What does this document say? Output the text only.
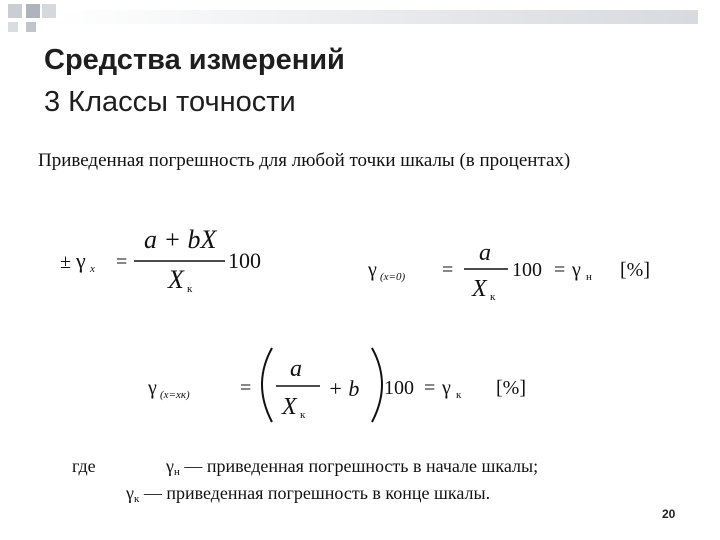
Средства измерений
3 Классы точности
Приведенная погрешность для любой точки шкалы (в процентах)
± γ x =
a + bX
X к
100	γ (x=0) =
a
X к
100 = γ н [%]
γ (x=xк)	=
a
X к
+ b 100 = γ к [%]
где	γн — приведенная погрешность в начале шкалы;
γк — приведенная погрешность в конце шкалы.
20
